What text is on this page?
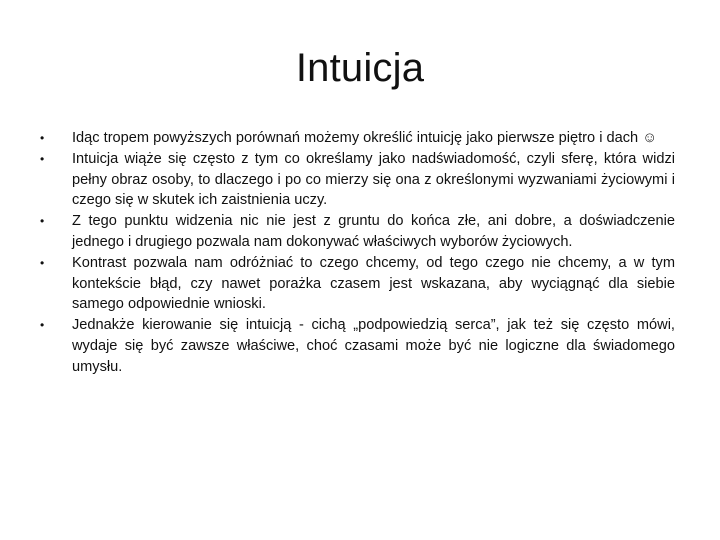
Intuicja
•	Idąc tropem powyższych porównań możemy określić intuicję jako pierwsze piętro i dach ☺
•	Intuicja wiąże się często z tym co określamy jako nadświadomość, czyli sferę, która widzi pełny obraz osoby, to dlaczego i po co mierzy się ona z określonymi wyzwaniami życiowymi i czego się w skutek ich zaistnienia uczy.
•	Z tego punktu widzenia nic nie jest z gruntu do końca złe, ani dobre, a doświadczenie jednego i drugiego pozwala nam dokonywać właściwych wyborów życiowych.
•	Kontrast pozwala nam odróżniać to czego chcemy, od tego czego nie chcemy, a w tym kontekście błąd, czy nawet porażka czasem jest wskazana, aby wyciągnąć dla siebie samego odpowiednie wnioski.
•	Jednakże kierowanie się intuicją - cichą „podpowiedzią serca”, jak też się często mówi, wydaje się być zawsze właściwe, choć czasami może być nie logiczne dla świadomego umysłu.
